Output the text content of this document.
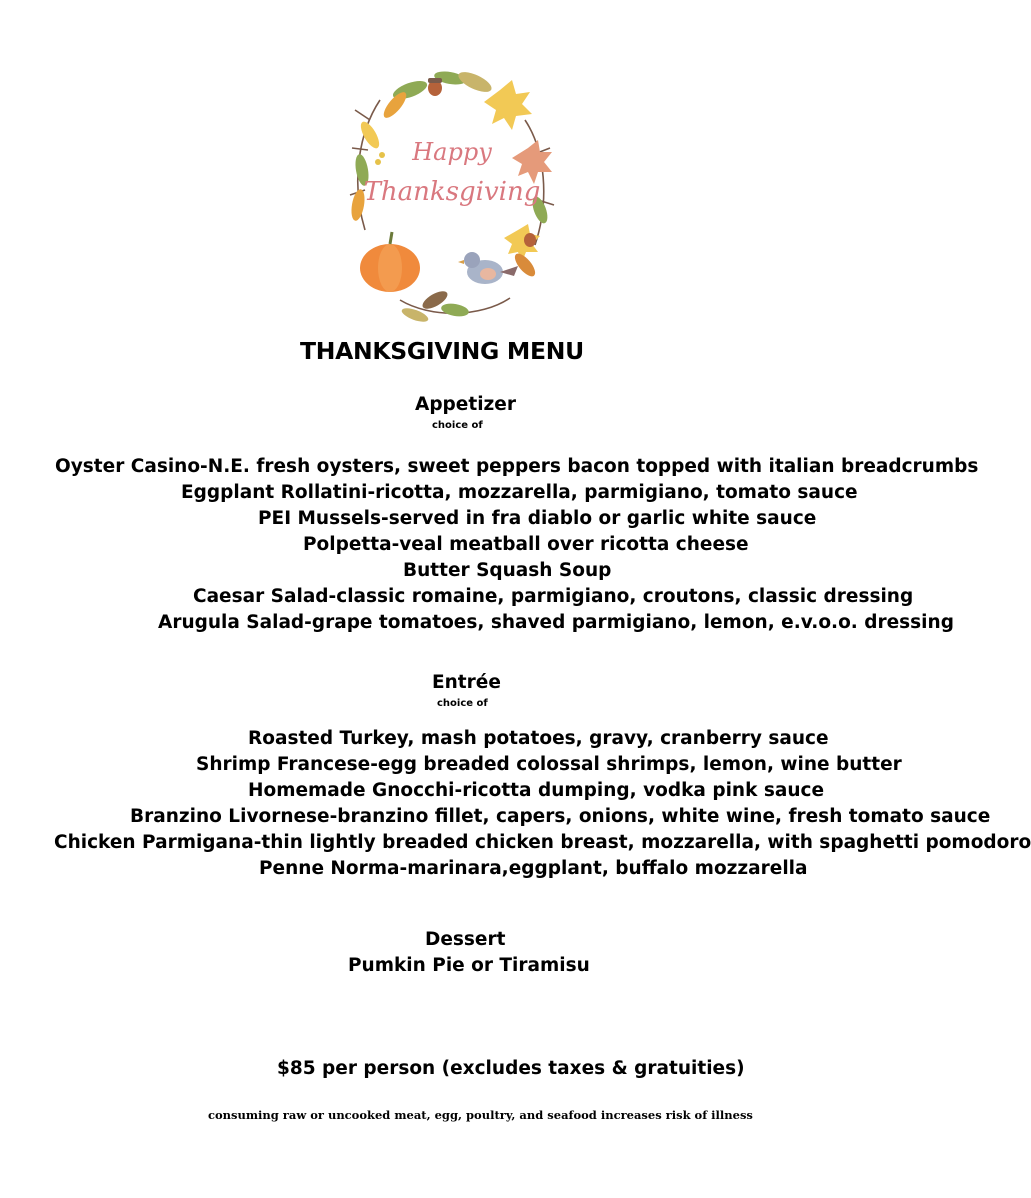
Happy
Thanksgiving
THANKSGIVING MENU
Appetizer
choice of
Oyster Casino-N.E. fresh oysters, sweet peppers bacon topped with italian breadcrumbs
Eggplant Rollatini-ricotta, mozzarella, parmigiano, tomato sauce
PEI Mussels-served in fra diablo or garlic white sauce
Polpetta-veal meatball over ricotta cheese
Butter Squash Soup
Caesar Salad-classic romaine, parmigiano, croutons, classic dressing
Arugula Salad-grape tomatoes, shaved parmigiano, lemon, e.v.o.o. dressing
Entrée
choice of
Roasted Turkey, mash potatoes, gravy, cranberry sauce
Shrimp Francese-egg breaded colossal shrimps, lemon, wine butter
Homemade Gnocchi-ricotta dumping, vodka pink sauce
Branzino Livornese-branzino fillet, capers, onions, white wine, fresh tomato sauce
Chicken Parmigana-thin lightly breaded chicken breast, mozzarella, with spaghetti pomodoro
Penne Norma-marinara,eggplant, buffalo mozzarella
Dessert
Pumkin Pie or Tiramisu
$85 per person (excludes taxes & gratuities)
consuming raw or uncooked meat, egg, poultry, and seafood increases risk of illness
